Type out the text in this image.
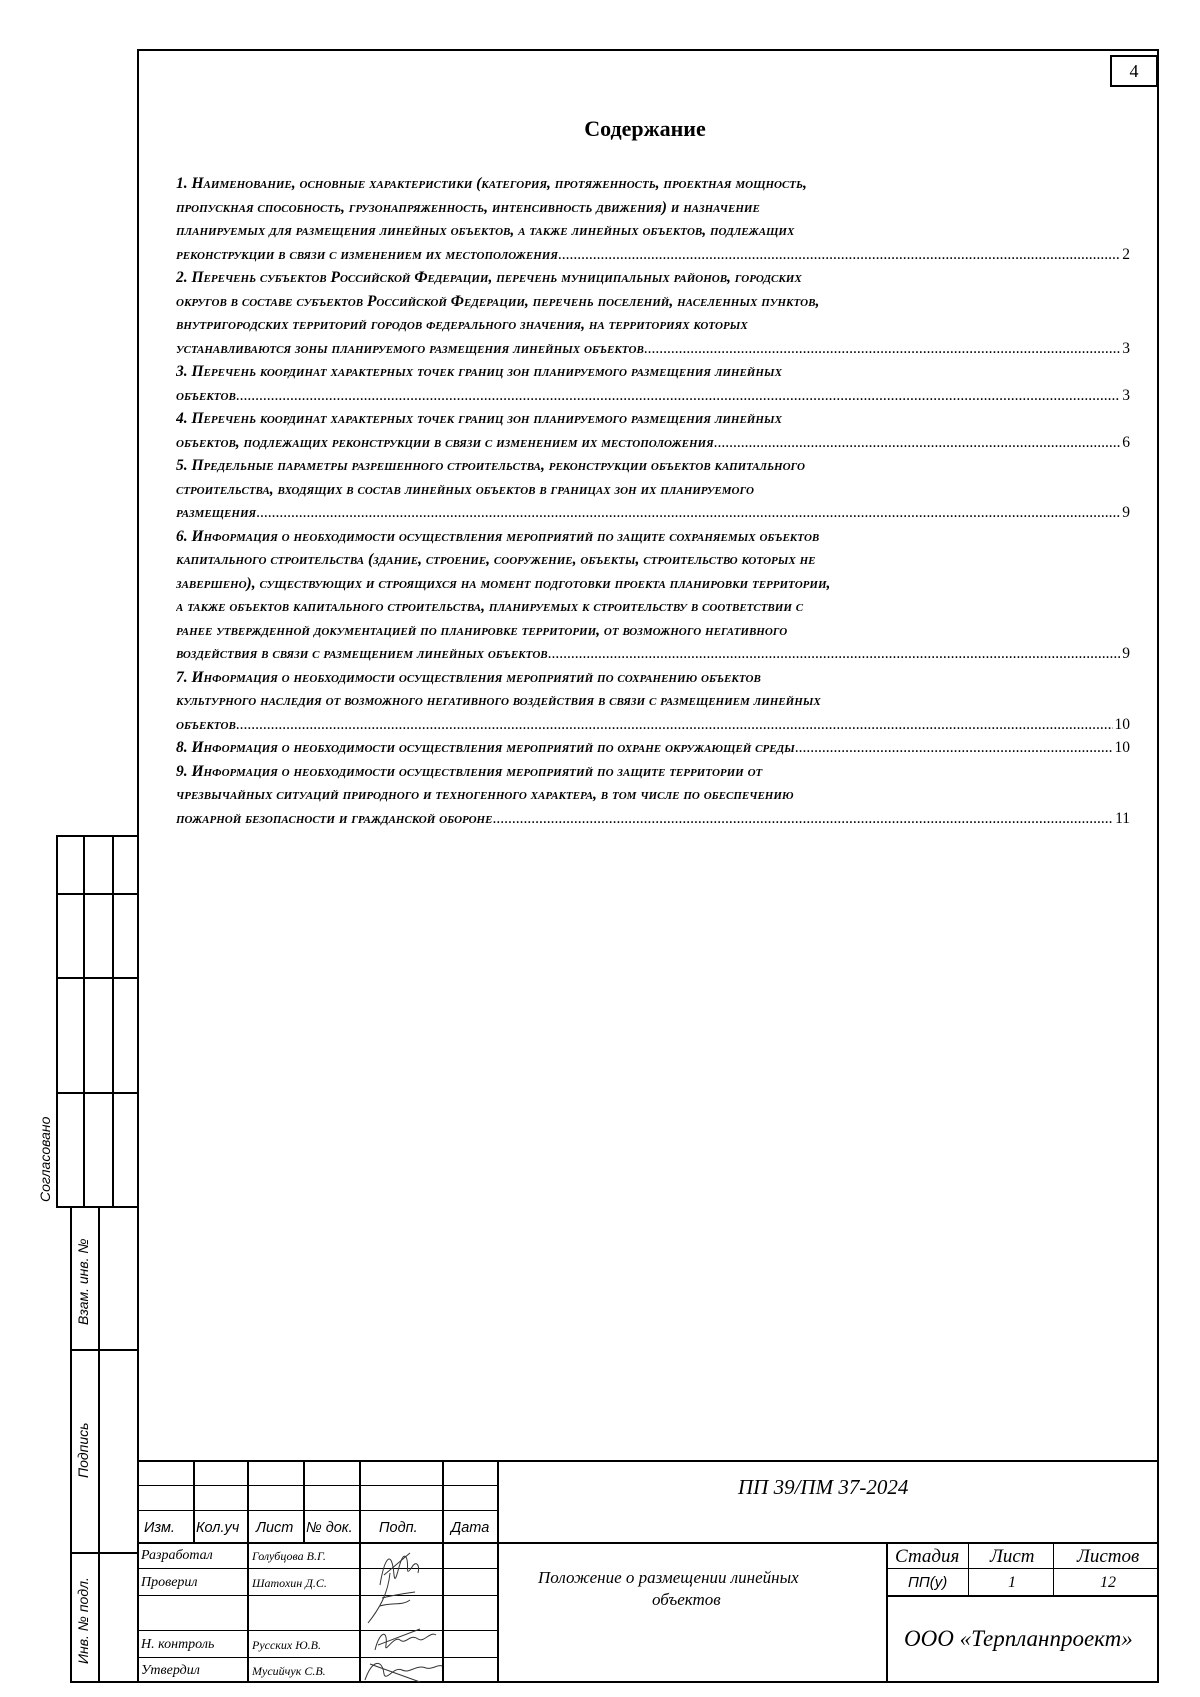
4
Содержание
1. Наименование, основные характеристики (категория, протяженность, проектная мощность,
пропускная способность, грузонапряженность, интенсивность движения) и назначение
планируемых для размещения линейных объектов, а также линейных объектов, подлежащих
реконструкции в связи с изменением их местоположения .....	2
2. Перечень субъектов Российской Федерации, перечень муниципальных районов, городских
округов в составе субъектов Российской Федерации, перечень поселений, населенных пунктов,
внутригородских территорий городов федерального значения, на территориях которых
устанавливаются зоны планируемого размещения линейных объектов .....	3
3. Перечень координат характерных точек границ зон планируемого размещения линейных
объектов .....	3
4. Перечень координат характерных точек границ зон планируемого размещения линейных
объектов, подлежащих реконструкции в связи с изменением их местоположения .....	6
5. Предельные параметры разрешенного строительства, реконструкции объектов капитального
строительства, входящих в состав линейных объектов в границах зон их планируемого
размещения .....	9
6. Информация о необходимости осуществления мероприятий по защите сохраняемых объектов
капитального строительства (здание, строение, сооружение, объекты, строительство которых не
завершено), существующих и строящихся на момент подготовки проекта планировки территории,
а также объектов капитального строительства, планируемых к строительству в соответствии с
ранее утвержденной документацией по планировке территории, от возможного негативного
воздействия в связи с размещением линейных объектов .....	9
7. Информация о необходимости осуществления мероприятий по сохранению объектов
культурного наследия от возможного негативного воздействия в связи с размещением линейных
объектов .....	10
8. Информация о необходимости осуществления мероприятий по охране окружающей среды .....	10
9. Информация о необходимости осуществления мероприятий по защите территории от
чрезвычайных ситуаций природного и техногенного характера, в том числе по обеспечению
пожарной безопасности и гражданской обороне .....	11
Согласовано
Взам. инв. №
Подпись
Инв. № подл.
ПП 39/ПМ 37-2024
Изм. Кол.уч Лист № док. Подп. Дата
Разработал	Голубцова В.Г.
Проверил	Шатохин Д.С.
Н. контроль	Русских Ю.В.
Утвердил	Мусийчук С.В.
Положение о размещении линейных
объектов
Стадия Лист Листов
ПП(у)	1	12
ООО «Терпланпроект»
